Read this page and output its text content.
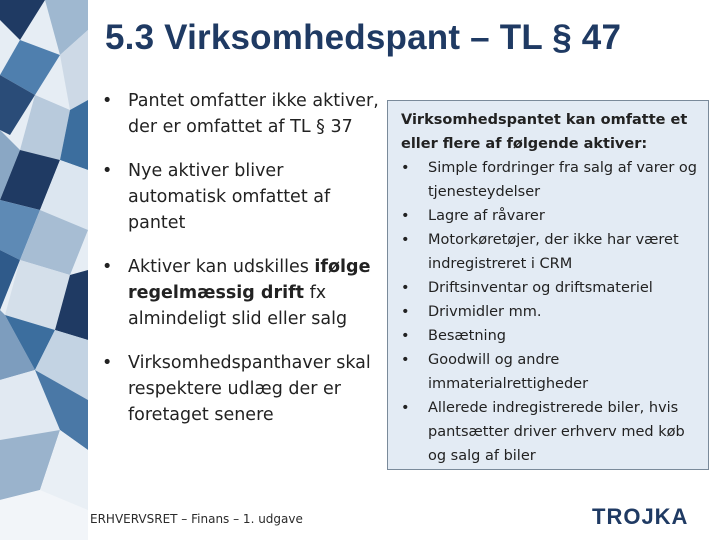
5.3 Virksomhedspant – TL § 47
• Pantet omfatter ikke aktiver, der er omfattet af TL § 37
• Nye aktiver bliver automatisk omfattet af pantet
• Aktiver kan udskilles ifølge regelmæssig drift fx almindeligt slid eller salg
• Virksomhedspanthaver skal respektere udlæg der er foretaget senere

Virksomhedspantet kan omfatte et eller flere af følgende aktiver:

• Simple fordringer fra salg af varer og tjenesteydelser
• Lagre af råvarer
• Motorkøretøjer, der ikke har været indregistreret i CRM
• Driftsinventar og driftsmateriel
• Drivmidler mm.
• Besætning
• Goodwill og andre immaterialrettigheder
• Allerede indregistrerede biler, hvis pantsætter driver erhverv med køb og salg af biler
ERHVERVSRET – Finans – 1. udgave	TROJKA
